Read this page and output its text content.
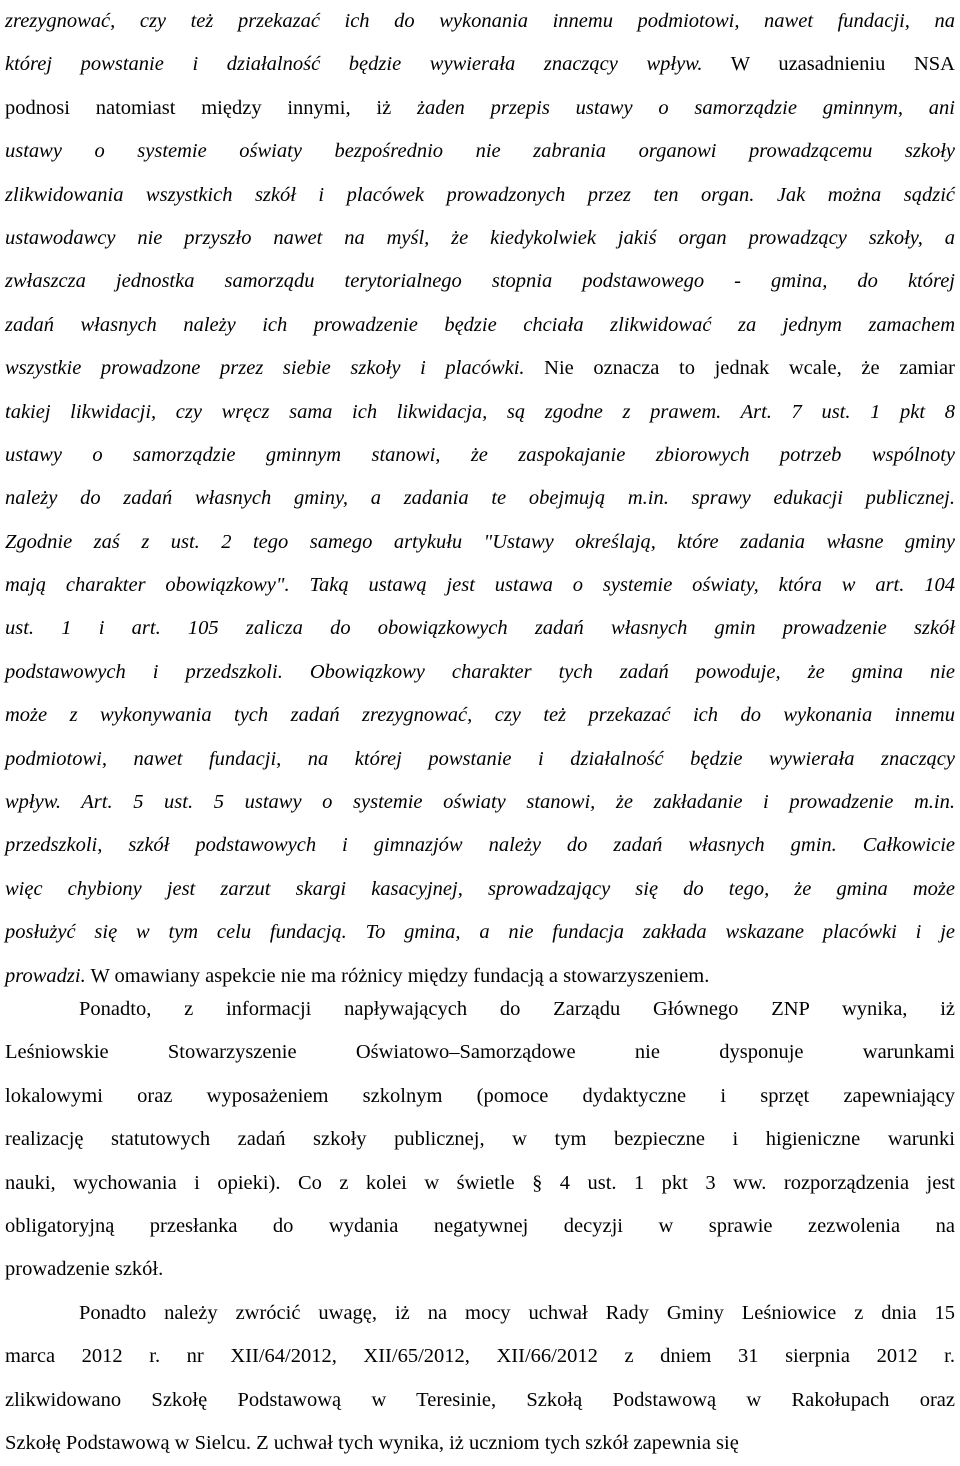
zrezygnować, czy też przekazać ich do wykonania innemu podmiotowi, nawet fundacji, na
której powstanie i działalność będzie wywierała znaczący wpływ. W uzasadnieniu NSA
podnosi natomiast między innymi, iż żaden przepis ustawy o samorządzie gminnym, ani
ustawy o systemie oświaty bezpośrednio nie zabrania organowi prowadzącemu szkoły
zlikwidowania wszystkich szkół i placówek prowadzonych przez ten organ. Jak można sądzić
ustawodawcy nie przyszło nawet na myśl, że kiedykolwiek jakiś organ prowadzący szkoły, a
zwłaszcza jednostka samorządu terytorialnego stopnia podstawowego - gmina, do której
zadań własnych należy ich prowadzenie będzie chciała zlikwidować za jednym zamachem
wszystkie prowadzone przez siebie szkoły i placówki. Nie oznacza to jednak wcale, że zamiar
takiej likwidacji, czy wręcz sama ich likwidacja, są zgodne z prawem. Art. 7 ust. 1 pkt 8
ustawy o samorządzie gminnym stanowi, że zaspokajanie zbiorowych potrzeb wspólnoty
należy do zadań własnych gminy, a zadania te obejmują m.in. sprawy edukacji publicznej.
Zgodnie zaś z ust. 2 tego samego artykułu "Ustawy określają, które zadania własne gminy
mają charakter obowiązkowy". Taką ustawą jest ustawa o systemie oświaty, która w art. 104
ust. 1 i art. 105 zalicza do obowiązkowych zadań własnych gmin prowadzenie szkół
podstawowych i przedszkoli. Obowiązkowy charakter tych zadań powoduje, że gmina nie
może z wykonywania tych zadań zrezygnować, czy też przekazać ich do wykonania innemu
podmiotowi, nawet fundacji, na której powstanie i działalność będzie wywierała znaczący
wpływ. Art. 5 ust. 5 ustawy o systemie oświaty stanowi, że zakładanie i prowadzenie m.in.
przedszkoli, szkół podstawowych i gimnazjów należy do zadań własnych gmin. Całkowicie
więc chybiony jest zarzut skargi kasacyjnej, sprowadzający się do tego, że gmina może
posłużyć się w tym celu fundacją. To gmina, a nie fundacja zakłada wskazane placówki i je
prowadzi. W omawiany aspekcie nie ma różnicy między fundacją a stowarzyszeniem.
Ponadto, z informacji napływających do Zarządu Głównego ZNP wynika, iż
Leśniowskie Stowarzyszenie Oświatowo–Samorządowe nie dysponuje warunkami
lokalowymi oraz wyposażeniem szkolnym (pomoce dydaktyczne i sprzęt zapewniający
realizację statutowych zadań szkoły publicznej, w tym bezpieczne i higieniczne warunki
nauki, wychowania i opieki). Co z kolei w świetle § 4 ust. 1 pkt 3 ww. rozporządzenia jest
obligatoryjną przesłanka do wydania negatywnej decyzji w sprawie zezwolenia na
prowadzenie szkół.
Ponadto należy zwrócić uwagę, iż na mocy uchwał Rady Gminy Leśniowice z dnia 15
marca 2012 r. nr XII/64/2012, XII/65/2012, XII/66/2012 z dniem 31 sierpnia 2012 r.
zlikwidowano Szkołę Podstawową w Teresinie, Szkołą Podstawową w Rakołupach oraz
Szkołę Podstawową w Sielcu. Z uchwał tych wynika, iż uczniom tych szkół zapewnia się
